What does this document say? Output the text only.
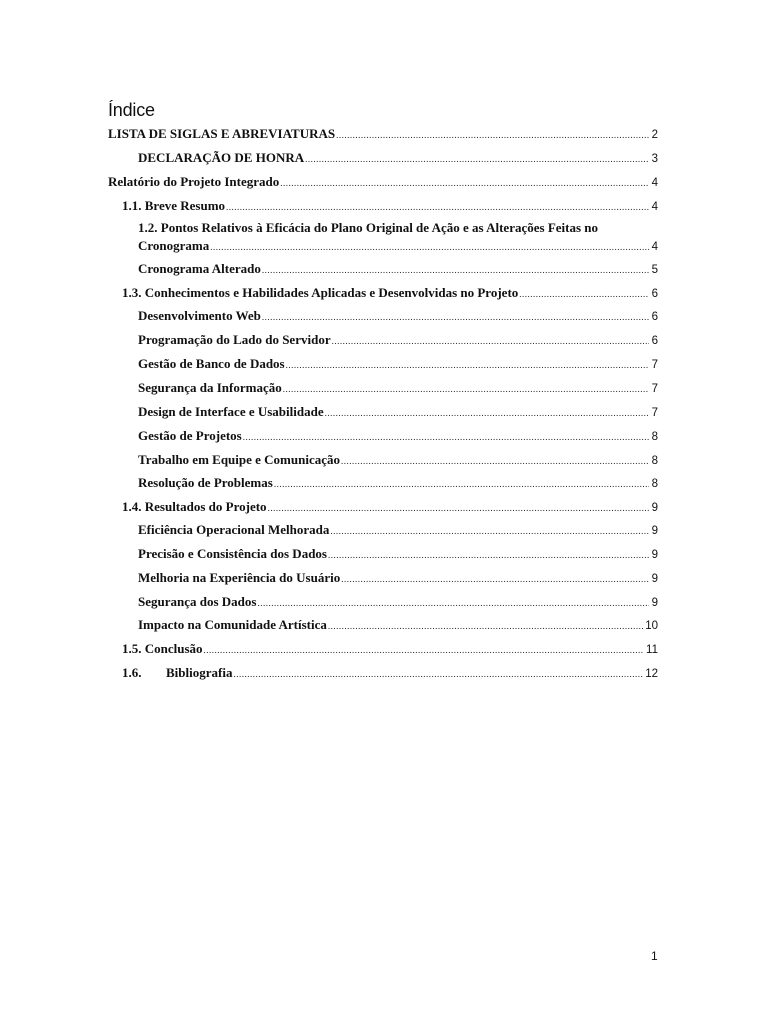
Índice
LISTA DE SIGLAS E ABREVIATURAS .....	2
DECLARAÇÃO DE HONRA .....	3
Relatório do Projeto Integrado .....	4
1.1. Breve Resumo .....	4
1.2. Pontos Relativos à Eficácia do Plano Original de Ação e as Alterações Feitas no
Cronograma .....	4
Cronograma Alterado .....	5
1.3. Conhecimentos e Habilidades Aplicadas e Desenvolvidas no Projeto .....	6
Desenvolvimento Web .....	6
Programação do Lado do Servidor .....	6
Gestão de Banco de Dados .....	7
Segurança da Informação .....	7
Design de Interface e Usabilidade .....	7
Gestão de Projetos .....	8
Trabalho em Equipe e Comunicação .....	8
Resolução de Problemas .....	8
1.4. Resultados do Projeto .....	9
Eficiência Operacional Melhorada .....	9
Precisão e Consistência dos Dados .....	9
Melhoria na Experiência do Usuário .....	9
Segurança dos Dados .....	9
Impacto na Comunidade Artística .....	10
1.5. Conclusão .....	11
1.6. Bibliografia .....	12
1
